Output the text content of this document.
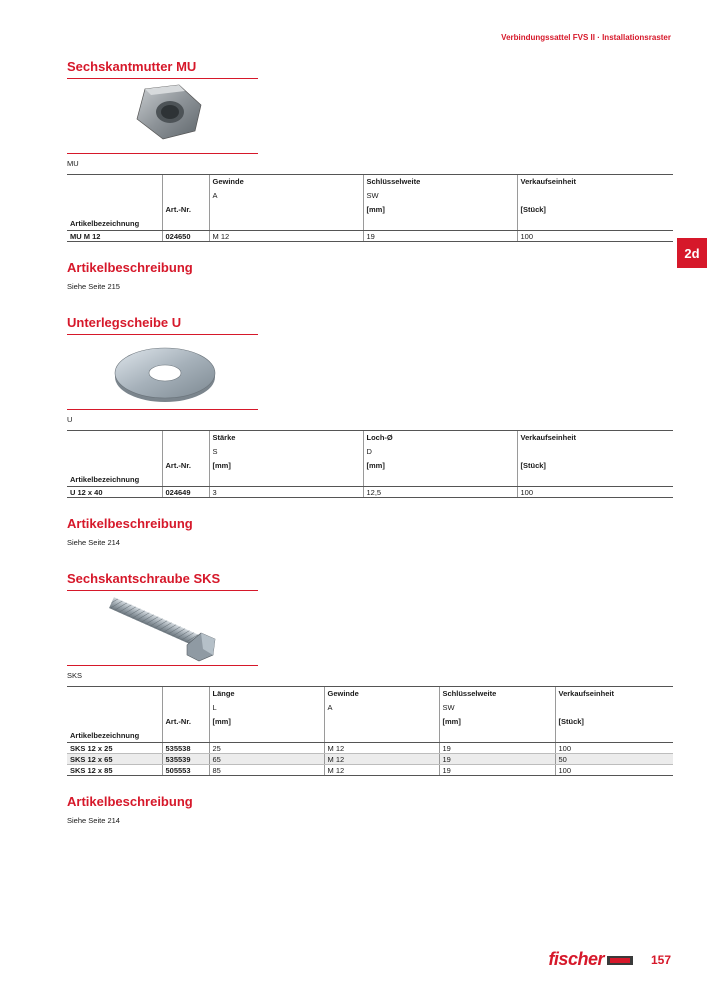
Verbindungssattel FVS II · Installationsraster
2d
Sechskantmutter MU
MU
		Gewinde	Schlüsselweite	Verkaufseinheit
		A	SW	
	Art.-Nr.		[mm]	[Stück]
Artikelbezeichnung				
MU M 12	024650	M 12	19	100
Artikelbeschreibung
Siehe Seite 215
Unterlegscheibe U
U
		Stärke	Loch-Ø	Verkaufseinheit
		S	D	
	Art.-Nr.	[mm]	[mm]	[Stück]
Artikelbezeichnung				
U 12 x 40	024649	3	12,5	100
Artikelbeschreibung
Siehe Seite 214
Sechskantschraube SKS
SKS
		Länge	Gewinde	Schlüsselweite	Verkaufseinheit
		L	A	SW	
	Art.-Nr.	[mm]		[mm]	[Stück]
Artikelbezeichnung					
SKS 12 x 25	535538	25	M 12	19	100
SKS 12 x 65	535539	65	M 12	19	50
SKS 12 x 85	505553	85	M 12	19	100
Artikelbeschreibung
Siehe Seite 214
fischer	157
